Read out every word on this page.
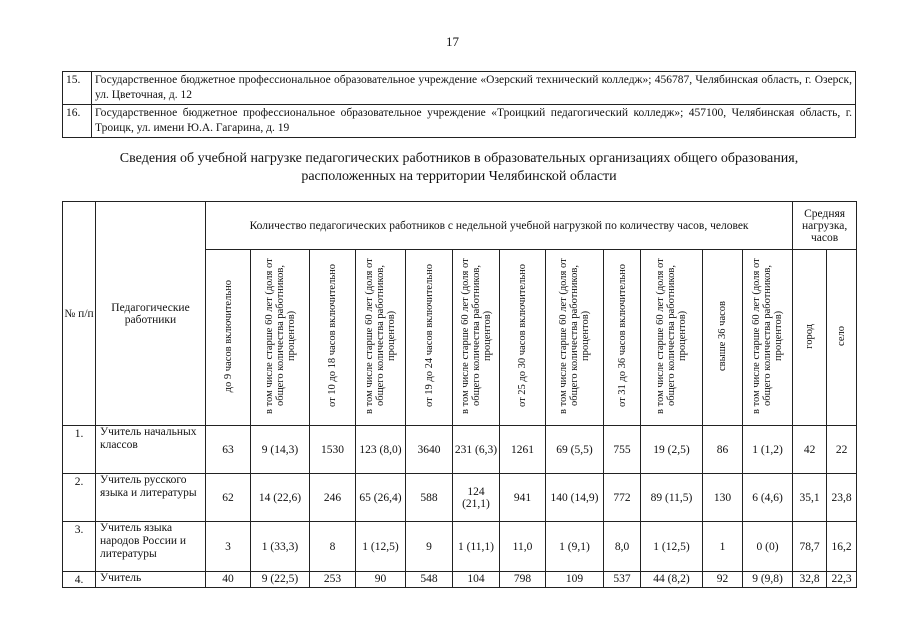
17
15.	Государственное бюджетное профессиональное образовательное учреждение «Озерский технический колледж»; 456787, Челябинская область, г. Озерск, ул. Цветочная, д. 12
16.	Государственное бюджетное профессиональное образовательное учреждение «Троицкий педагогический колледж»; 457100, Челябинская область, г. Троицк, ул. имени Ю.А. Гагарина, д. 19
Сведения об учебной нагрузке педагогических работников в образовательных организациях общего образования,
расположенных на территории Челябинской области
№ п/п	Педагогические работники	Количество педагогических работников с недельной учебной нагрузкой по количеству часов, человек												Средняя нагрузка, часов	
		до 9 часов включительно	в том числе старше 60 лет (доля от общего количества работников, процентов)	от 10 до 18 часов включительно	в том числе старше 60 лет (доля от общего количества работников, процентов)	от 19 до 24 часов включительно	в том числе старше 60 лет (доля от общего количества работников, процентов)	от 25 до 30 часов включительно	в том числе старше 60 лет (доля от общего количества работников, процентов)	от 31 до 36 часов включительно	в том числе старше 60 лет (доля от общего количества работников, процентов)	свыше 36 часов	в том числе старше 60 лет (доля от общего количества работников, процентов)	город	село
1.	Учитель начальных классов	63	9 (14,3)	1530	123 (8,0)	3640	231 (6,3)	1261	69 (5,5)	755	19 (2,5)	86	1 (1,2)	42	22
2.	Учитель русского языка и литературы	62	14 (22,6)	246	65 (26,4)	588	124 (21,1)	941	140 (14,9)	772	89 (11,5)	130	6 (4,6)	35,1	23,8
3.	Учитель языка народов России и литературы	3	1 (33,3)	8	1 (12,5)	9	1 (11,1)	11,0	1 (9,1)	8,0	1 (12,5)	1	0 (0)	78,7	16,2
4.	Учитель	40	9 (22,5)	253	90	548	104	798	109	537	44 (8,2)	92	9 (9,8)	32,8	22,3
